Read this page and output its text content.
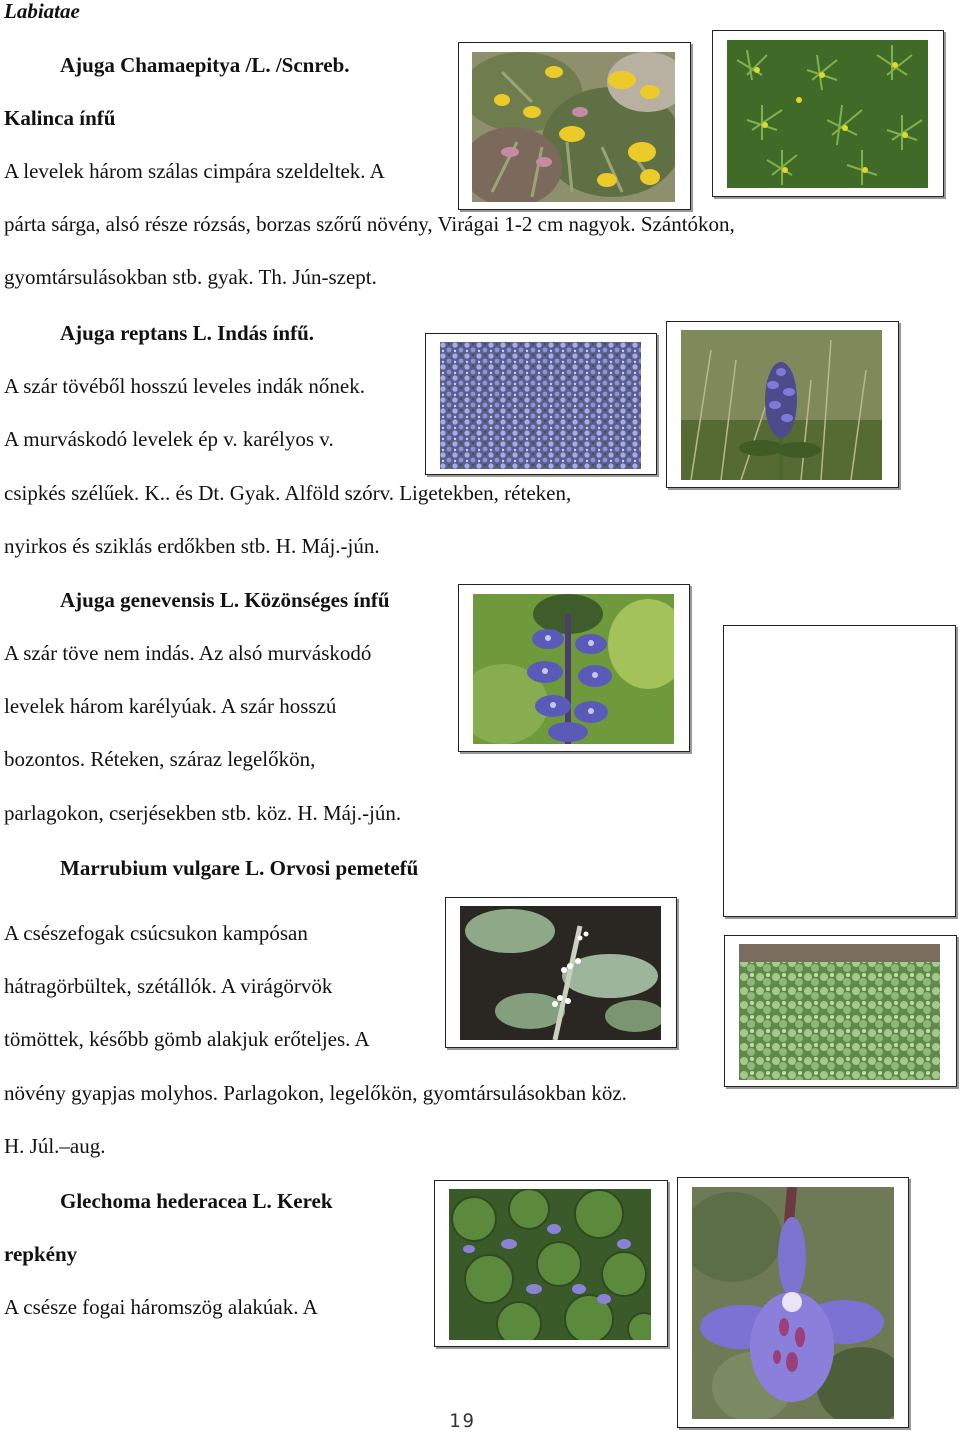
Labiatae
Ajuga Chamaepitya /L. /Scnreb.
Kalinca ínfű
A levelek három szálas cimpára szeldeltek. A
párta sárga, alsó része rózsás, borzas szőrű növény, Virágai 1-2 cm nagyok. Szántókon,
gyomtársulásokban stb. gyak. Th. Jún-szept.
Ajuga reptans L. Indás ínfű.
A szár tövéből hosszú leveles indák nőnek.
A murváskodó levelek ép v. karélyos v.
csipkés szélűek. K.. és Dt. Gyak. Alföld szórv. Ligetekben, réteken,
nyirkos és sziklás erdőkben stb. H. Máj.-jún.
Ajuga genevensis L. Közönséges ínfű
A szár töve nem indás. Az alsó murváskodó
levelek három karélyúak. A szár hosszú
bozontos. Réteken, száraz legelőkön,
parlagokon, cserjésekben stb. köz. H. Máj.-jún.
Marrubium vulgare L. Orvosi pemetefű
A csészefogak csúcsukon kampósan
hátragörbültek, szétállók. A virágörvök
tömöttek, később gömb alakjuk erőteljes. A
növény gyapjas molyhos. Parlagokon, legelőkön, gyomtársulásokban köz.
H. Júl.–aug.
Glechoma hederacea L. Kerek
repkény
A csésze fogai háromszög alakúak. A
19
